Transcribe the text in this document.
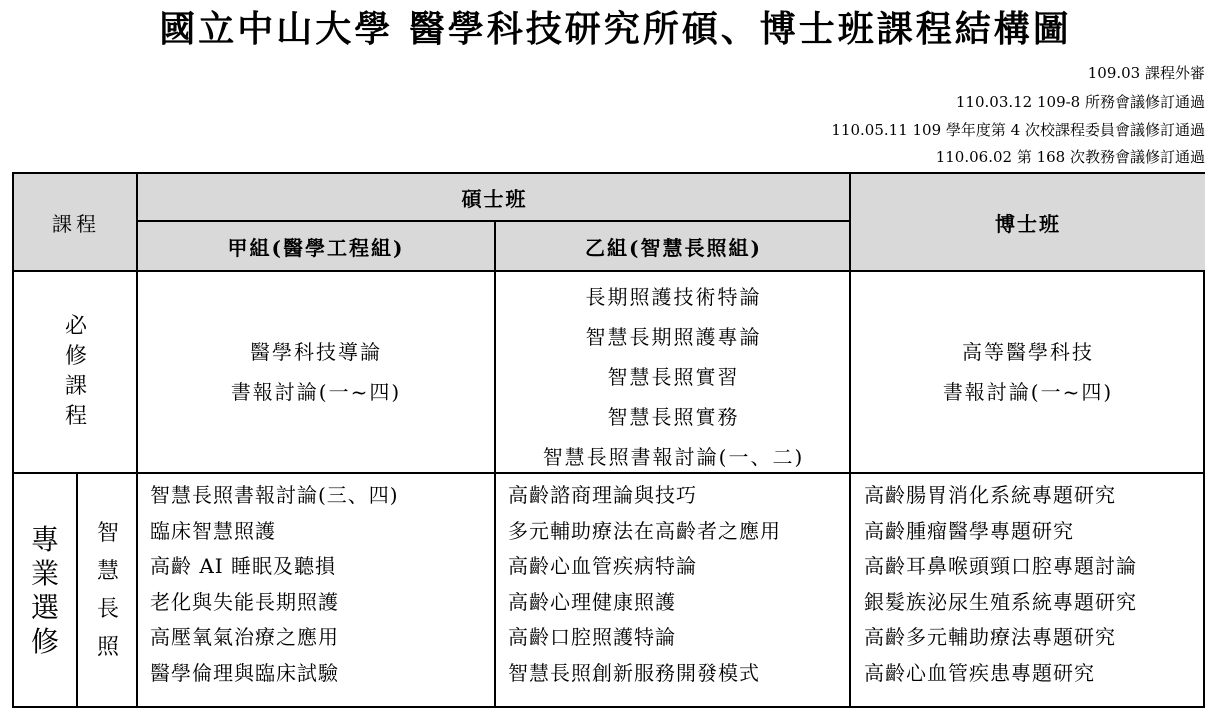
國立中山大學 醫學科技研究所碩、博士班課程結構圖
109.03 課程外審
110.03.12 109-8 所務會議修訂通過
110.05.11 109 學年度第 4 次校課程委員會議修訂通過
110.06.02 第 168 次教務會議修訂通過
課程
碩士班
博士班
甲組(醫學工程組)	乙組(智慧長照組)
必
修
課
程
醫學科技導論
書報討論(一~四)
長期照護技術特論
智慧長期照護專論
智慧長照實習
智慧長照實務
智慧長照書報討論(一、二)
高等醫學科技
書報討論(一~四)
專
業
選
修
智
慧
長
照
智慧長照書報討論(三、四)
臨床智慧照護
高齡 AI 睡眠及聽損
老化與失能長期照護
高壓氧氣治療之應用
醫學倫理與臨床試驗
高齡諮商理論與技巧
多元輔助療法在高齡者之應用
高齡心血管疾病特論
高齡心理健康照護
高齡口腔照護特論
智慧長照創新服務開發模式
高齡腸胃消化系統專題研究
高齡腫瘤醫學專題研究
高齡耳鼻喉頭頸口腔專題討論
銀髮族泌尿生殖系統專題研究
高齡多元輔助療法專題研究
高齡心血管疾患專題研究
